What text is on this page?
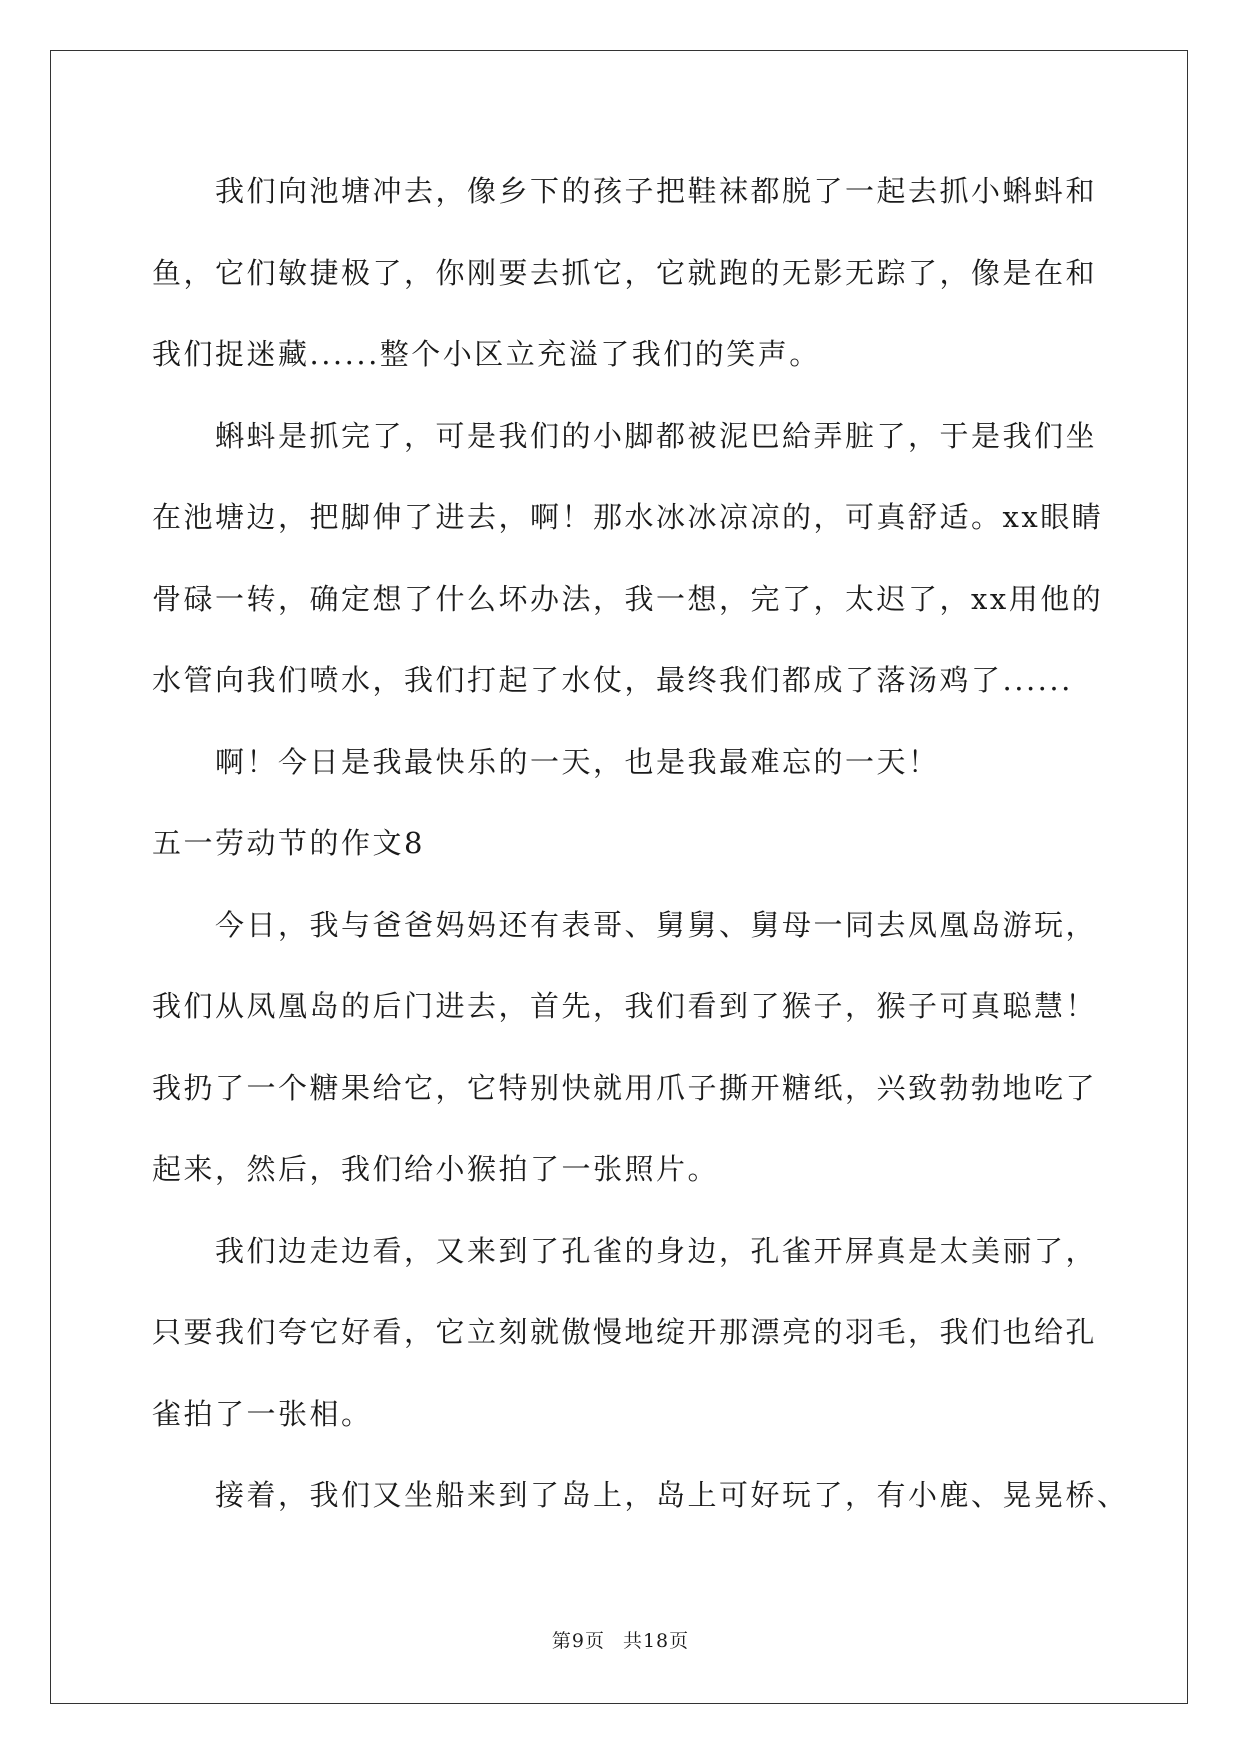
　　我们向池塘冲去，像乡下的孩子把鞋袜都脱了一起去抓小蝌蚪和
鱼，它们敏捷极了，你刚要去抓它，它就跑的无影无踪了，像是在和
我们捉迷藏......整个小区立充溢了我们的笑声。
　　蝌蚪是抓完了，可是我们的小脚都被泥巴給弄脏了，于是我们坐
在池塘边，把脚伸了进去，啊！那水冰冰凉凉的，可真舒适。xx眼睛
骨碌一转，确定想了什么坏办法，我一想，完了，太迟了，xx用他的
水管向我们喷水，我们打起了水仗，最终我们都成了落汤鸡了......
　　啊！今日是我最快乐的一天，也是我最难忘的一天！
五一劳动节的作文8
　　今日，我与爸爸妈妈还有表哥、舅舅、舅母一同去凤凰岛游玩，
我们从凤凰岛的后门进去，首先，我们看到了猴子，猴子可真聪慧！
我扔了一个糖果给它，它特别快就用爪子撕开糖纸，兴致勃勃地吃了
起来，然后，我们给小猴拍了一张照片。
　　我们边走边看，又来到了孔雀的身边，孔雀开屏真是太美丽了，
只要我们夸它好看，它立刻就傲慢地绽开那漂亮的羽毛，我们也给孔
雀拍了一张相。
　　接着，我们又坐船来到了岛上，岛上可好玩了，有小鹿、晃晃桥、
第9页 共18页
